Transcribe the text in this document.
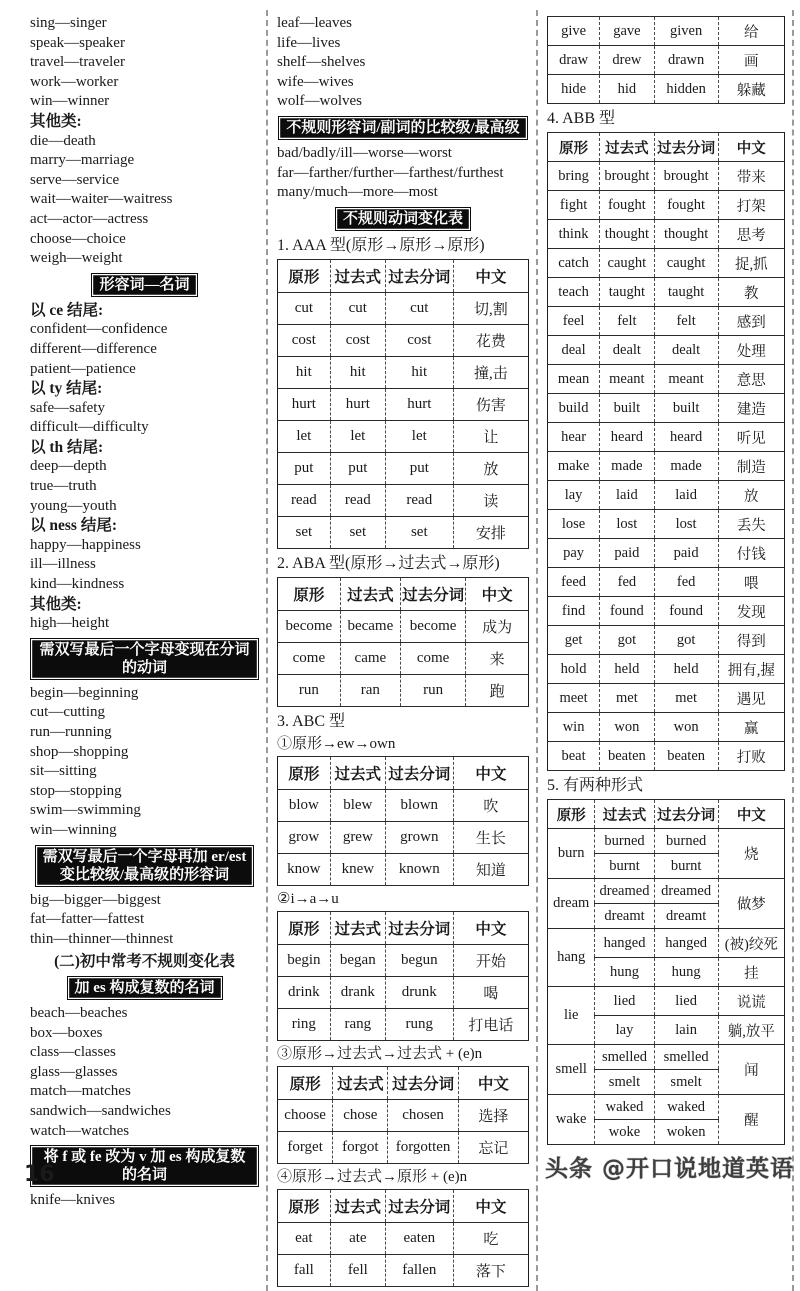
sing—singer
speak—speaker
travel—traveler
work—worker
win—winner
其他类:
die—death
marry—marriage
serve—service
wait—waiter—waitress
act—actor—actress
choose—choice
weigh—weight
形容词—名词
以 ce 结尾:
confident—confidence
different—difference
patient—patience
以 ty 结尾:
safe—safety
difficult—difficulty
以 th 结尾:
deep—depth
true—truth
young—youth
以 ness 结尾:
happy—happiness
ill—illness
kind—kindness
其他类:
high—height
需双写最后一个字母变现在分词的动词
begin—beginning
cut—cutting
run—running
shop—shopping
sit—sitting
stop—stopping
swim—swimming
win—winning
需双写最后一个字母再加 er/est
变比较级/最高级的形容词
big—bigger—biggest
fat—fatter—fattest
thin—thinner—thinnest
(二)初中常考不规则变化表
加 es 构成复数的名词
beach—beaches
box—boxes
class—classes
glass—glasses
match—matches
sandwich—sandwiches
watch—watches
将 f 或 fe 改为 v 加 es 构成复数的名词
knife—knives
leaf—leaves
life—lives
shelf—shelves
wife—wives
wolf—wolves
不规则形容词/副词的比较级/最高级
bad/badly/ill—worse—worst
far—farther/further—farthest/furthest
many/much—more—most
不规则动词变化表
1. AAA 型(原形→原形→原形)
原形	过去式	过去分词	中文
cut	cut	cut	切,割
cost	cost	cost	花费
hit	hit	hit	撞,击
hurt	hurt	hurt	伤害
let	let	let	让
put	put	put	放
read	read	read	读
set	set	set	安排
2. ABA 型(原形→过去式→原形)
原形	过去式	过去分词	中文
become	became	become	成为
come	came	come	来
run	ran	run	跑
3. ABC 型
①原形→ew→own
原形	过去式	过去分词	中文
blow	blew	blown	吹
grow	grew	grown	生长
know	knew	known	知道
②i→a→u
原形	过去式	过去分词	中文
begin	began	begun	开始
drink	drank	drunk	喝
ring	rang	rung	打电话
③原形→过去式→过去式 + (e)n
原形	过去式	过去分词	中文
choose	chose	chosen	选择
forget	forgot	forgotten	忘记
④原形→过去式→原形 + (e)n
原形	过去式	过去分词	中文
eat	ate	eaten	吃
fall	fell	fallen	落下
give	gave	given	给
draw	drew	drawn	画
hide	hid	hidden	躲藏
4. ABB 型
原形	过去式	过去分词	中文
bring	brought	brought	带来
fight	fought	fought	打架
think	thought	thought	思考
catch	caught	caught	捉,抓
teach	taught	taught	教
feel	felt	felt	感到
deal	dealt	dealt	处理
mean	meant	meant	意思
build	built	built	建造
hear	heard	heard	听见
make	made	made	制造
lay	laid	laid	放
lose	lost	lost	丢失
pay	paid	paid	付钱
feed	fed	fed	喂
find	found	found	发现
get	got	got	得到
hold	held	held	拥有,握
meet	met	met	遇见
win	won	won	赢
beat	beaten	beaten	打败
5. 有两种形式
原形	过去式	过去分词	中文
burn	burned	burned	烧
	burnt	burnt	
dream	dreamed	dreamed	做梦
	dreamt	dreamt	
hang	hanged	hanged	(被)绞死
	hung	hung	挂
lie	lied	lied	说谎
	lay	lain	躺,放平
smell	smelled	smelled	闻
	smelt	smelt	
wake	waked	waked	醒
	woke	woken	
16	头条 @开口说地道英语
